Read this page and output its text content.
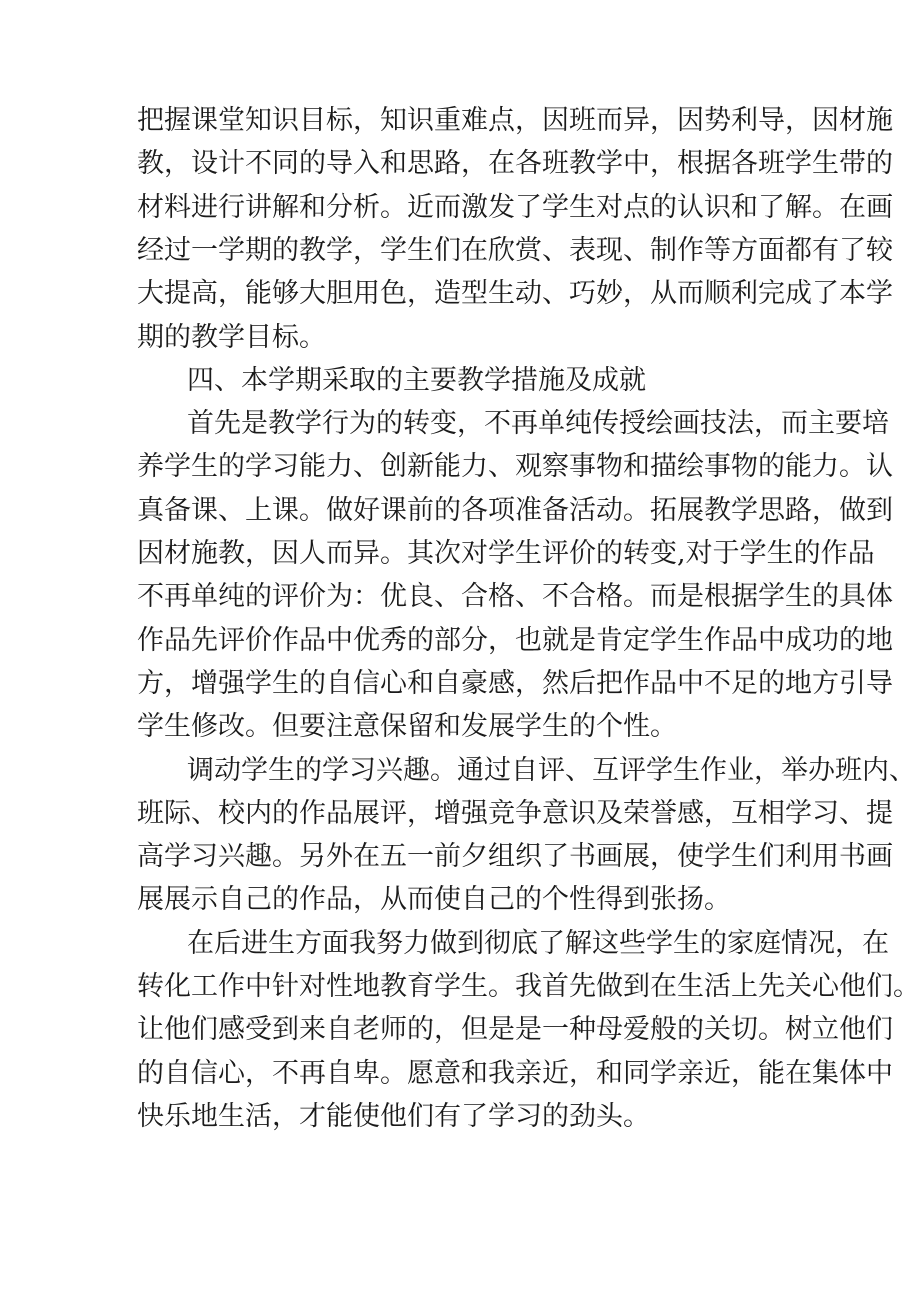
把握课堂知识目标，知识重难点，因班而异，因势利导，因材施

教，设计不同的导入和思路，在各班教学中，根据各班学生带的

材料进行讲解和分析。近而激发了学生对点的认识和了解。在画

经过一学期的教学，学生们在欣赏、表现、制作等方面都有了较

大提高，能够大胆用色，造型生动、巧妙，从而顺利完成了本学

期的教学目标。

四、本学期采取的主要教学措施及成就

首先是教学行为的转变，不再单纯传授绘画技法，而主要培

养学生的学习能力、创新能力、观察事物和描绘事物的能力。认

真备课、上课。做好课前的各项准备活动。拓展教学思路，做到

因材施教，因人而异。其次对学生评价的转变,对于学生的作品

不再单纯的评价为：优良、合格、不合格。而是根据学生的具体

作品先评价作品中优秀的部分，也就是肯定学生作品中成功的地

方，增强学生的自信心和自豪感，然后把作品中不足的地方引导

学生修改。但要注意保留和发展学生的个性。

调动学生的学习兴趣。通过自评、互评学生作业，举办班内、

班际、校内的作品展评，增强竞争意识及荣誉感，互相学习、提

高学习兴趣。另外在五一前夕组织了书画展，使学生们利用书画

展展示自己的作品，从而使自己的个性得到张扬。

在后进生方面我努力做到彻底了解这些学生的家庭情况，在

转化工作中针对性地教育学生。我首先做到在生活上先关心他们。

让他们感受到来自老师的，但是是一种母爱般的关切。树立他们

的自信心，不再自卑。愿意和我亲近，和同学亲近，能在集体中

快乐地生活，才能使他们有了学习的劲头。
